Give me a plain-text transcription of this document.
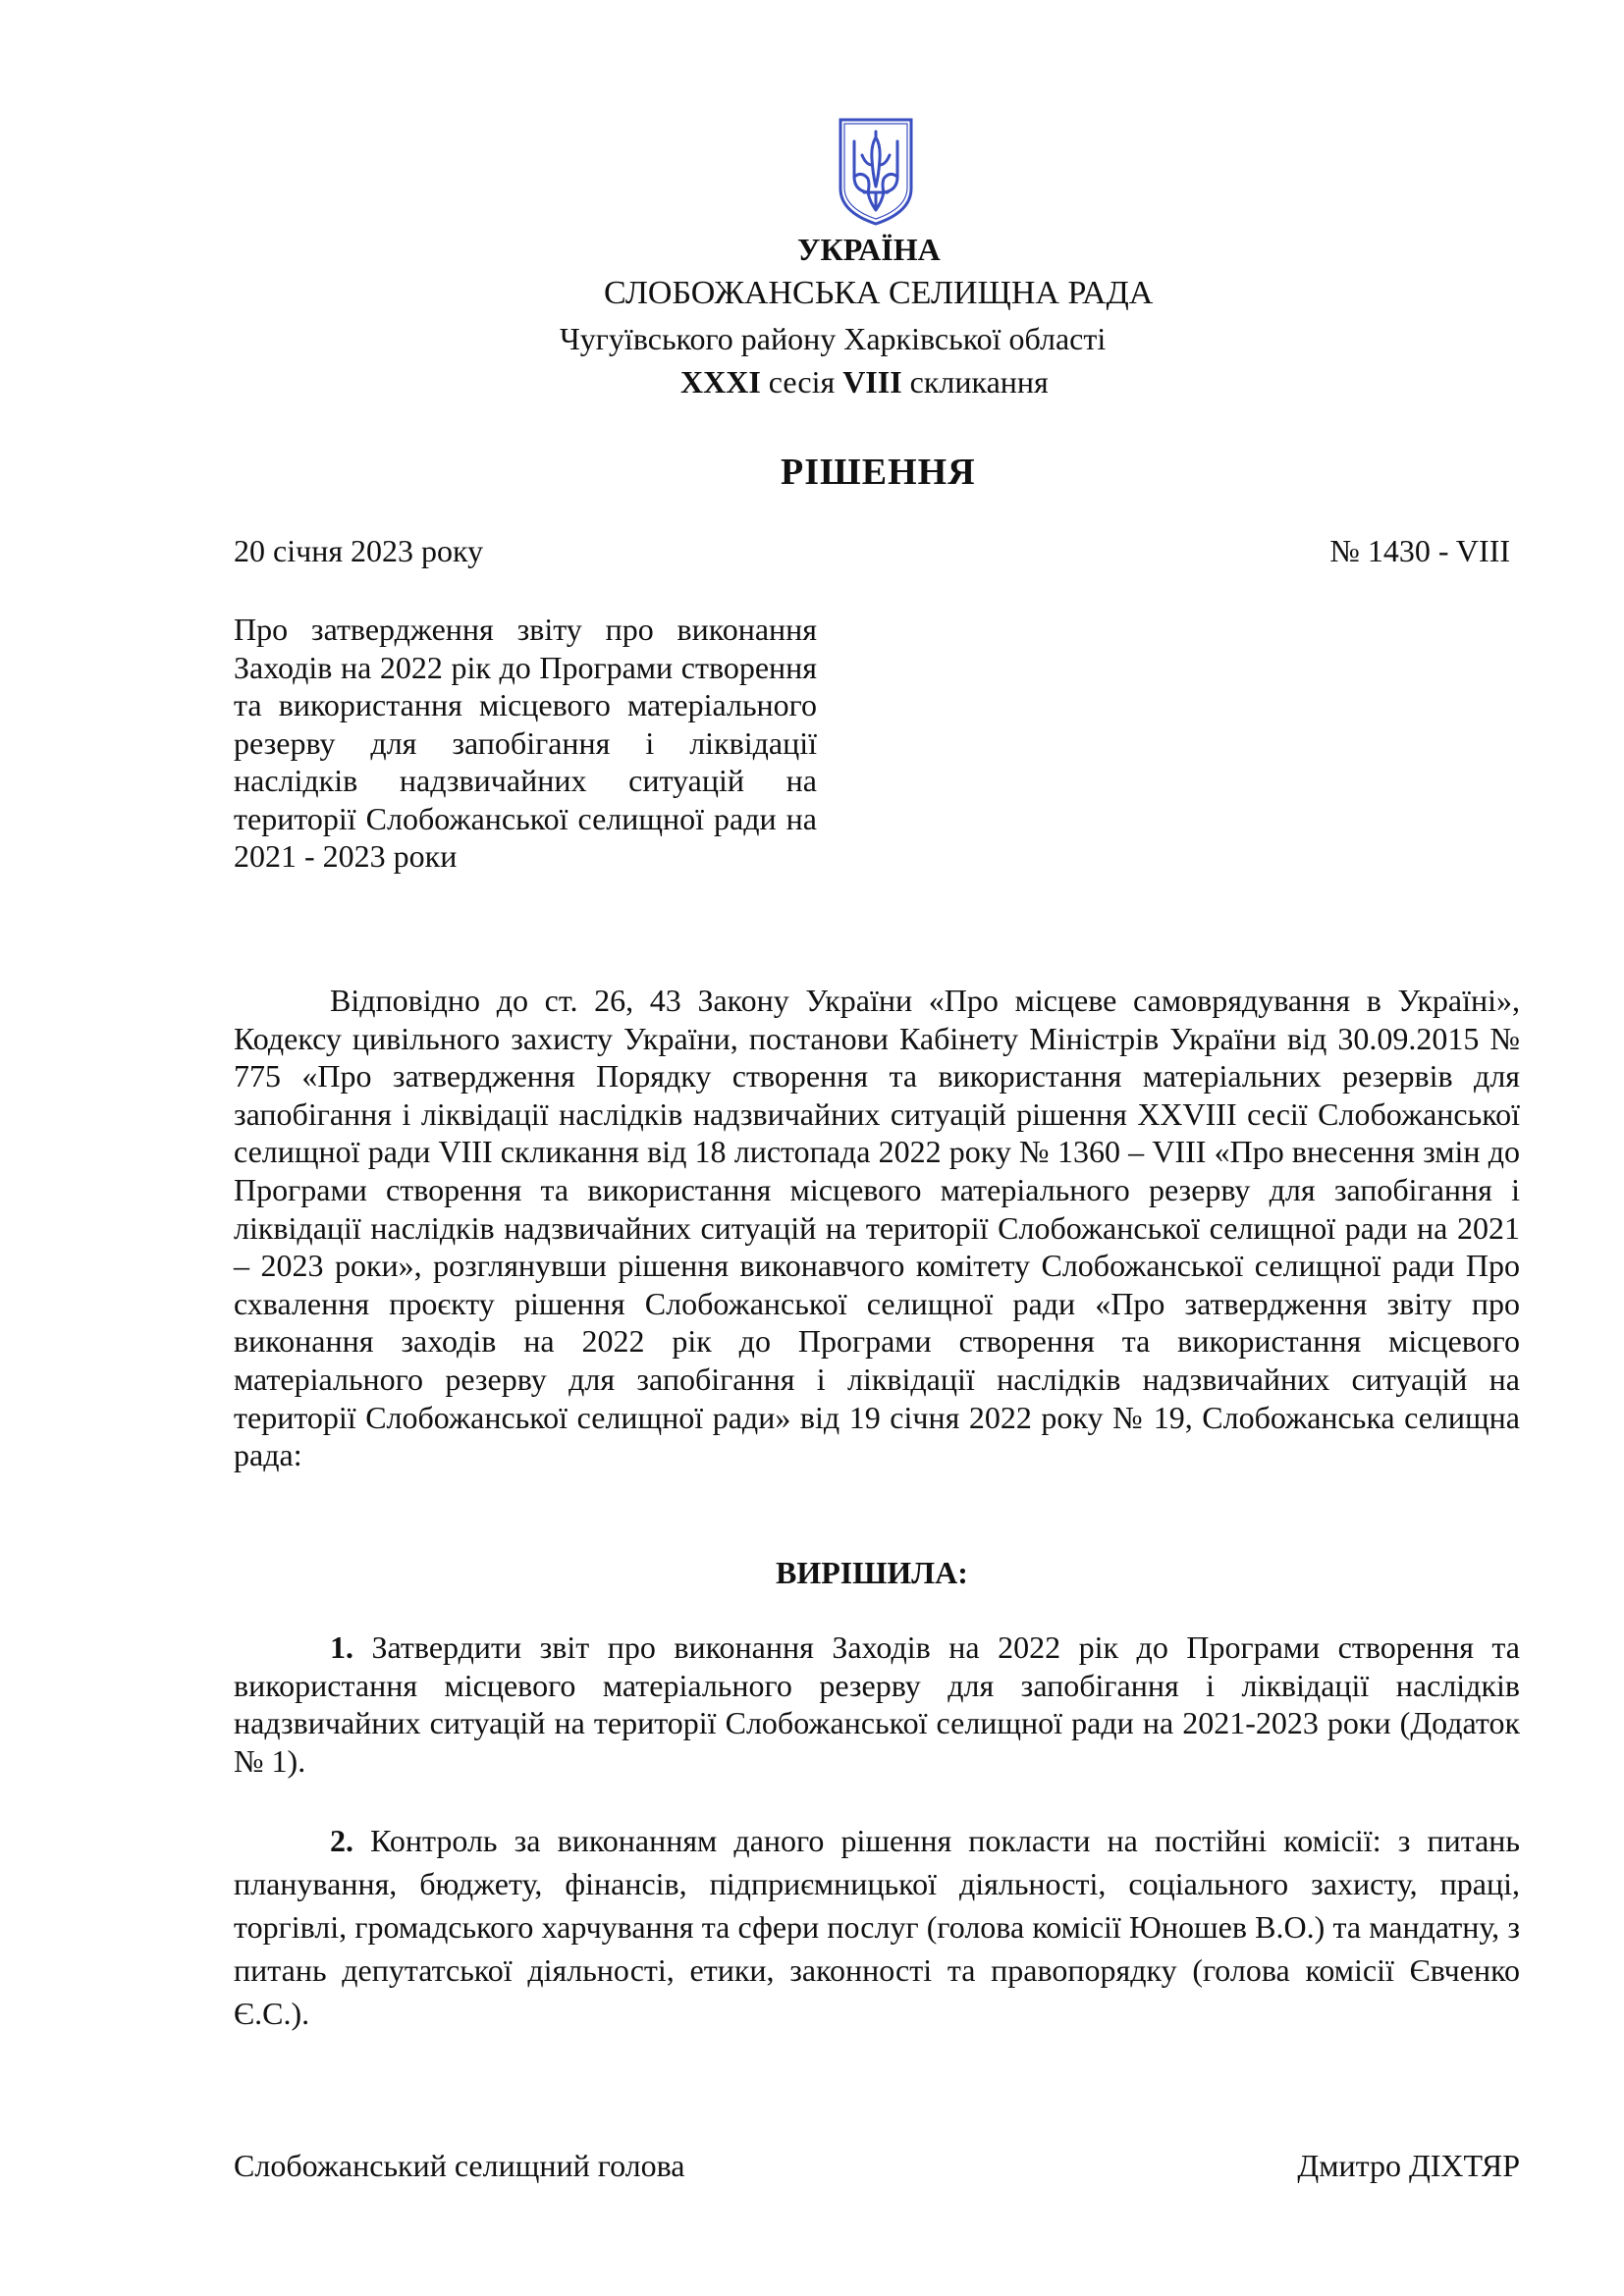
УКРАЇНА
СЛОБОЖАНСЬКА СЕЛИЩНА РАДА
Чугуївського району Харківської області
XXXI сесія VIII скликання
РІШЕННЯ
20 січня 2023 року	№ 1430 - VIII
Про затвердження звіту про виконання Заходів на 2022 рік до Програми створення та використання місцевого матеріального резерву для запобігання і ліквідації наслідків надзвичайних ситуацій на території Слобожанської селищної ради на 2021 - 2023 роки

Відповідно до ст. 26, 43 Закону України «Про місцеве самоврядування в Україні», Кодексу цивільного захисту України, постанови Кабінету Міністрів України від 30.09.2015 № 775 «Про затвердження Порядку створення та використання матеріальних резервів для запобігання і ліквідації наслідків надзвичайних ситуацій рішення XXVIII сесії Слобожанської селищної ради VIII скликання від 18 листопада 2022 року № 1360 – VIII «Про внесення змін до Програми створення та використання місцевого матеріального резерву для запобігання і ліквідації наслідків надзвичайних ситуацій на території Слобожанської селищної ради на 2021 – 2023 роки», розглянувши рішення виконавчого комітету Слобожанської селищної ради Про схвалення проєкту рішення Слобожанської селищної ради «Про затвердження звіту про виконання заходів на 2022 рік до Програми створення та використання місцевого матеріального резерву для запобігання і ліквідації наслідків надзвичайних ситуацій на території Слобожанської селищної ради» від 19 січня 2022 року № 19, Слобожанська селищна рада:

ВИРІШИЛА:

1. Затвердити звіт про виконання Заходів на 2022 рік до Програми створення та використання місцевого матеріального резерву для запобігання і ліквідації наслідків надзвичайних ситуацій на території Слобожанської селищної ради на 2021-2023 роки (Додаток № 1).

2. Контроль за виконанням даного рішення покласти на постійні комісії: з питань планування, бюджету, фінансів, підприємницької діяльності, соціального захисту, праці, торгівлі, громадського харчування та сфери послуг (голова комісії Юношев В.О.) та мандатну, з питань депутатської діяльності, етики, законності та правопорядку (голова комісії Євченко Є.С.).

Слобожанський селищний голова	Дмитро ДІХТЯР
